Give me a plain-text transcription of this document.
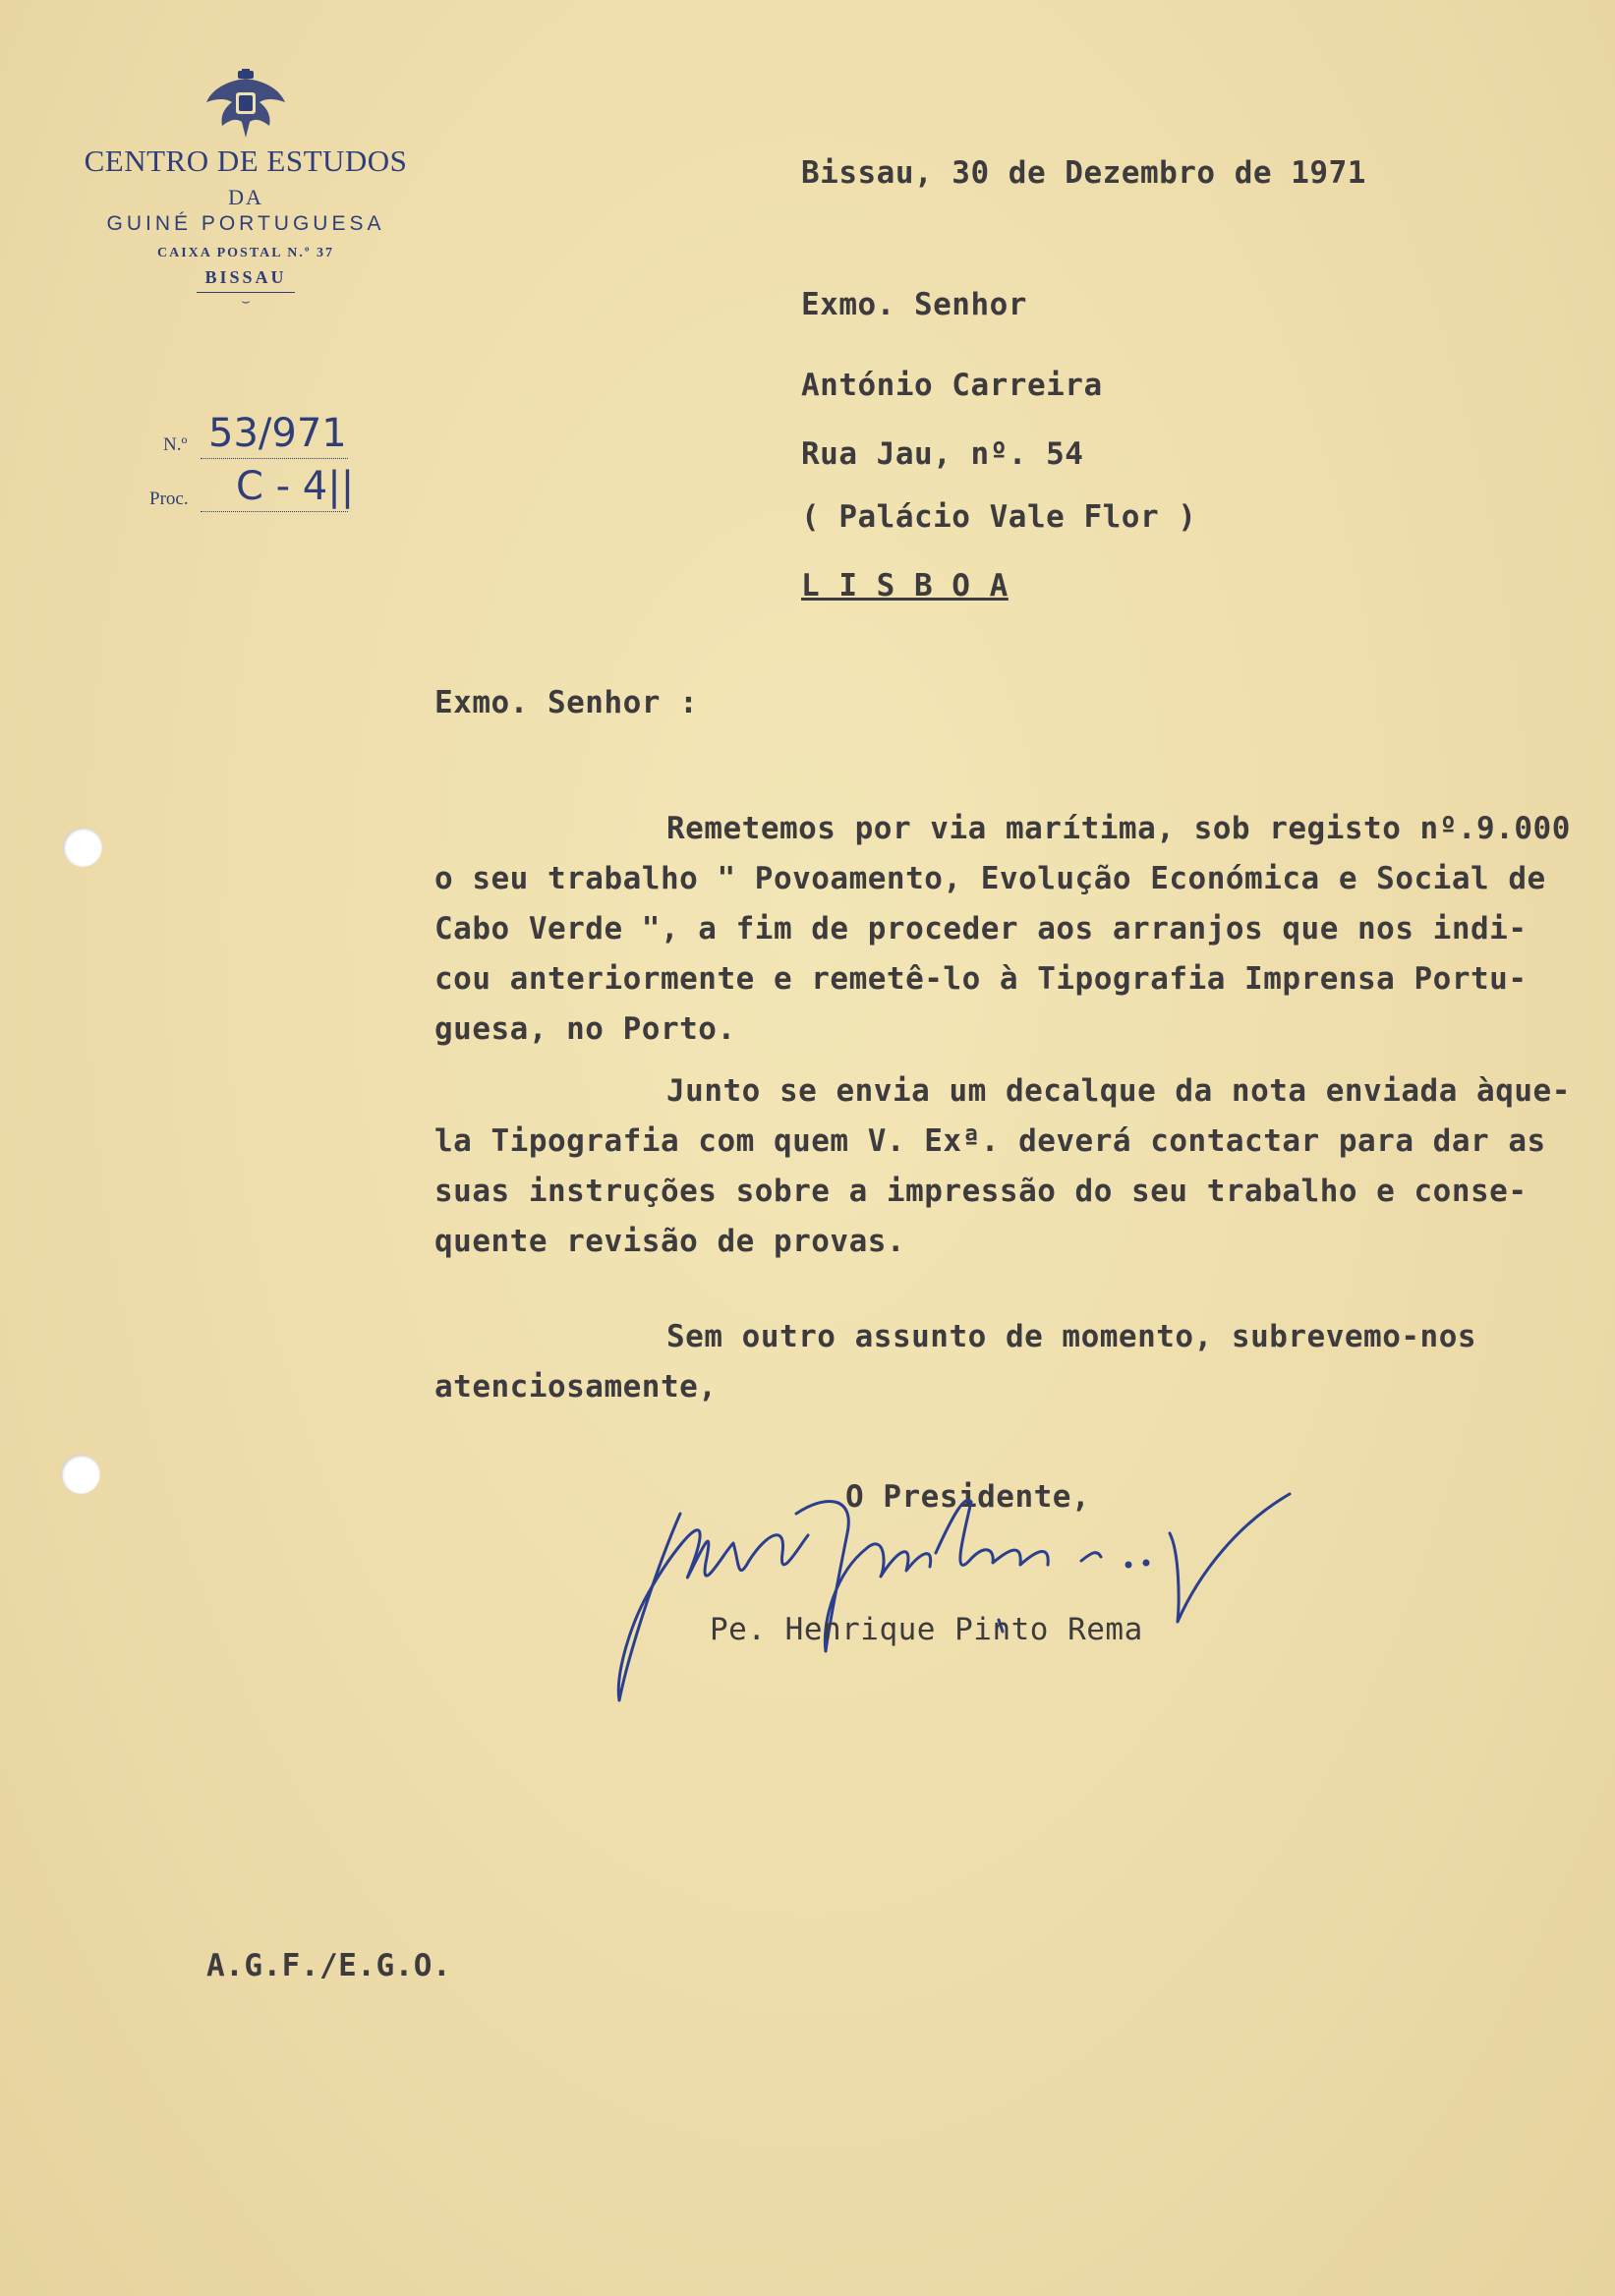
CENTRO DE ESTUDOS
DA
GUINÉ PORTUGUESA
CAIXA POSTAL N.º 37
BISSAU
⌣
N.º 53/971
Proc. C - 4||
Bissau, 30 de Dezembro de 1971
Exmo. Senhor
António Carreira
Rua Jau, nº. 54
( Palácio Vale Flor )
L I S B O A
Exmo. Senhor :
Remetemos por via marítima, sob registo nº.9.000
o seu trabalho " Povoamento, Evolução Económica e Social de
Cabo Verde ", a fim de proceder aos arranjos que nos indi-
cou anteriormente e remetê-lo à Tipografia Imprensa Portu-
guesa, no Porto.
Junto se envia um decalque da nota enviada àque-
la Tipografia com quem V. Exª. deverá contactar para dar as
suas instruções sobre a impressão do seu trabalho e conse-
quente revisão de provas.
Sem outro assunto de momento, subrevemo-nos
atenciosamente,
O Presidente,
Pe. Henrique Pinto Rema
A.G.F./E.G.O.
